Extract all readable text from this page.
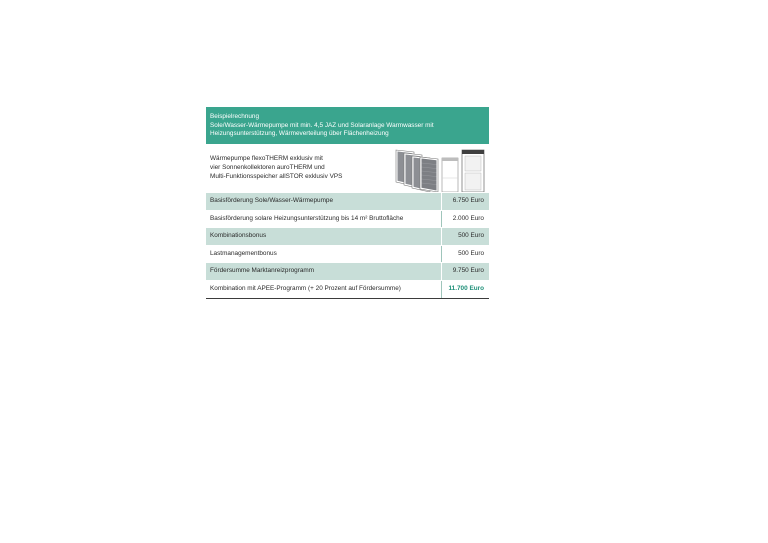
Beispielrechnung
Sole/Wasser-Wärmepumpe mit min. 4,5 JAZ und Solaranlage Warmwasser mit
Heizungsunterstützung, Wärmeverteilung über Flächenheizung
Wärmepumpe flexoTHERM exklusiv mit
vier Sonnenkollektoren auroTHERM und
Multi-Funktionsspeicher allSTOR exklusiv VPS
Basisförderung Sole/Wasser-Wärmepumpe	6.750 Euro
Basisförderung solare Heizungsunterstützung bis 14 m² Bruttofläche	2.000 Euro
Kombinationsbonus	500 Euro
Lastmanagementbonus	500 Euro
Fördersumme Marktanreizprogramm	9.750 Euro
Kombination mit APEE-Programm (+ 20 Prozent auf Fördersumme)	11.700 Euro
